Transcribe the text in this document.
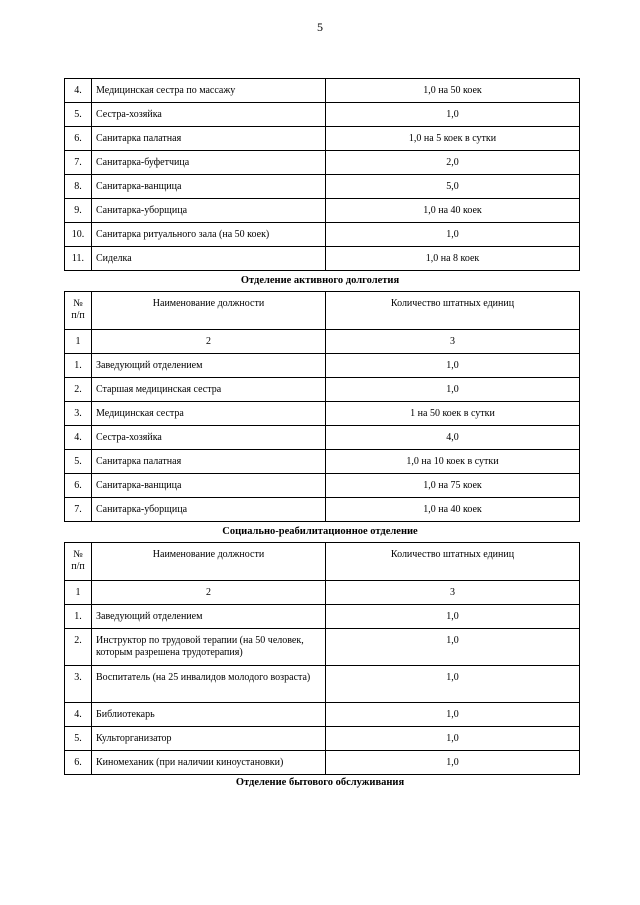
5
4.	Медицинская сестра по массажу	1,0 на 50 коек
5.	Сестра-хозяйка	1,0
6.	Санитарка палатная	1,0 на 5 коек в сутки
7.	Санитарка-буфетчица	2,0
8.	Санитарка-ванщица	5,0
9.	Санитарка-уборщица	1,0 на 40 коек
10.	Санитарка ритуального зала (на 50 коек)	1,0
11.	Сиделка	1,0 на 8 коек
Отделение активного долголетия
№ п/п	Наименование должности	Количество штатных единиц
1	2	3
1.	Заведующий отделением	1,0
2.	Старшая медицинская сестра	1,0
3.	Медицинская сестра	1 на 50 коек в сутки
4.	Сестра-хозяйка	4,0
5.	Санитарка палатная	1,0 на 10 коек в сутки
6.	Санитарка-ванщица	1,0 на 75 коек
7.	Санитарка-уборщица	1,0 на 40 коек
Социально-реабилитационное отделение
№ п/п	Наименование должности	Количество штатных единиц
1	2	3
1.	Заведующий отделением	1,0
2.	Инструктор по трудовой терапии (на 50 человек, которым разрешена трудотерапия)	1,0
3.	Воспитатель (на 25 инвалидов молодого возраста)	1,0
4.	Библиотекарь	1,0
5.	Культорганизатор	1,0
6.	Киномеханик (при наличии киноустановки)	1,0
Отделение бытового обслуживания
